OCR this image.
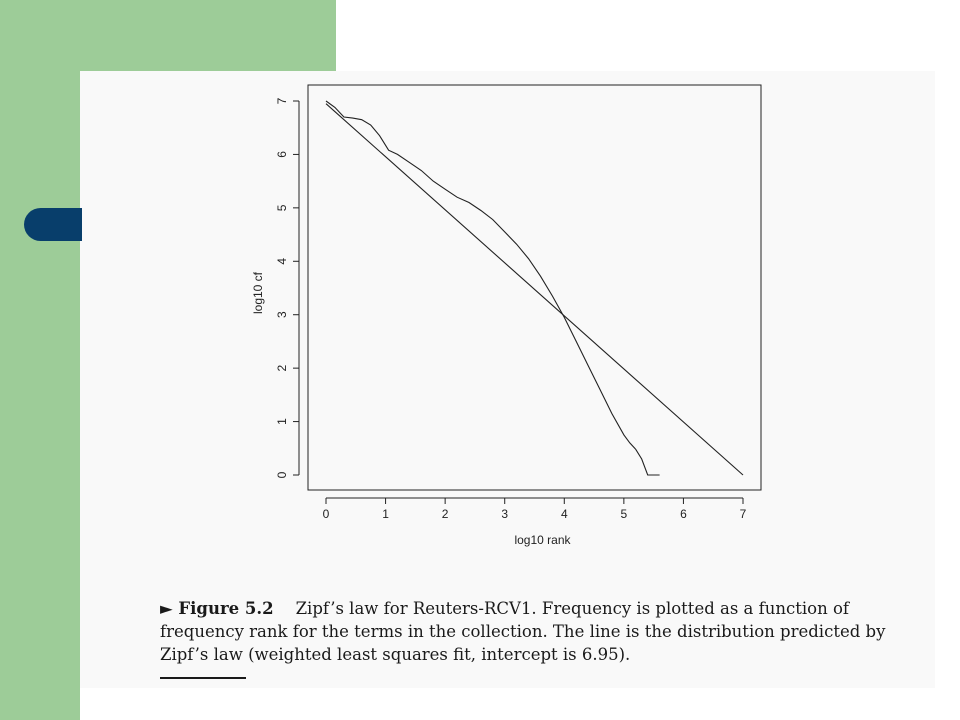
0	1	2	3	4	5	6	7
log10 rank
0
1
2
3
4
5
6
7
log10 cf
► Figure 5.2 Zipf’s law for Reuters-RCV1. Frequency is plotted as a function of frequency rank for the terms in the collection. The line is the distribution predicted by Zipf’s law (weighted least squares fit, intercept is 6.95).
